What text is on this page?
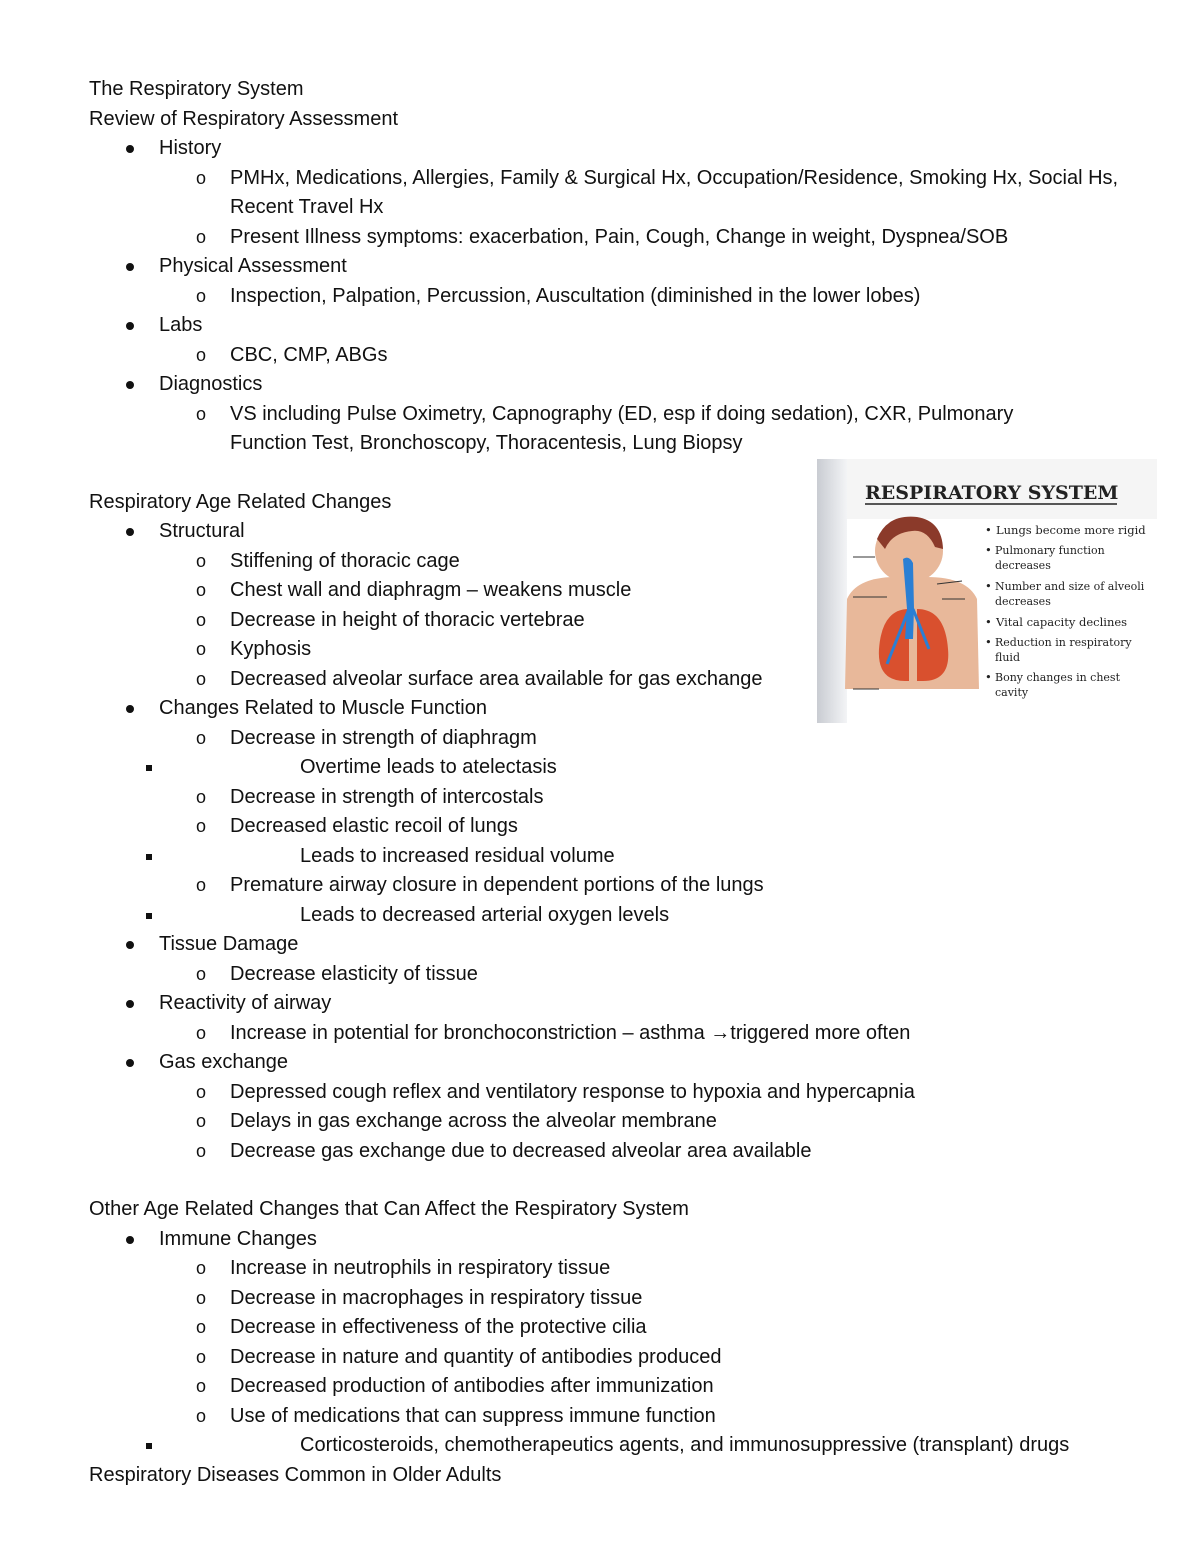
The Respiratory System
Review of Respiratory Assessment
History
o PMHx, Medications, Allergies, Family & Surgical Hx, Occupation/Residence, Smoking Hx, Social Hs, Recent Travel Hx
o Present Illness symptoms: exacerbation, Pain, Cough, Change in weight, Dyspnea/SOB
Physical Assessment
o Inspection, Palpation, Percussion, Auscultation (diminished in the lower lobes)
Labs
o CBC, CMP, ABGs
Diagnostics
o VS including Pulse Oximetry, Capnography (ED, esp if doing sedation), CXR, Pulmonary Function Test, Bronchoscopy, Thoracentesis, Lung Biopsy
Respiratory Age Related Changes
Structural
o Stiffening of thoracic cage
o Chest wall and diaphragm – weakens muscle
o Decrease in height of thoracic vertebrae
o Kyphosis
o Decreased alveolar surface area available for gas exchange
Changes Related to Muscle Function
o Decrease in strength of diaphragm
Overtime leads to atelectasis
o Decrease in strength of intercostals
o Decreased elastic recoil of lungs
Leads to increased residual volume
o Premature airway closure in dependent portions of the lungs
Leads to decreased arterial oxygen levels
Tissue Damage
o Decrease elasticity of tissue
Reactivity of airway
o Increase in potential for bronchoconstriction – asthma →triggered more often
Gas exchange
o Depressed cough reflex and ventilatory response to hypoxia and hypercapnia
o Delays in gas exchange across the alveolar membrane
o Decrease gas exchange due to decreased alveolar area available
Other Age Related Changes that Can Affect the Respiratory System
Immune Changes
o Increase in neutrophils in respiratory tissue
o Decrease in macrophages in respiratory tissue
o Decrease in effectiveness of the protective cilia
o Decrease in nature and quantity of antibodies produced
o Decreased production of antibodies after immunization
o Use of medications that can suppress immune function
Corticosteroids, chemotherapeutics agents, and immunosuppressive (transplant) drugs
Respiratory Diseases Common in Older Adults
RESPIRATORY SYSTEM
• Lungs become more rigid
• Pulmonary function decreases
• Number and size of alveoli decreases
• Vital capacity declines
• Reduction in respiratory fluid
• Bony changes in chest cavity
